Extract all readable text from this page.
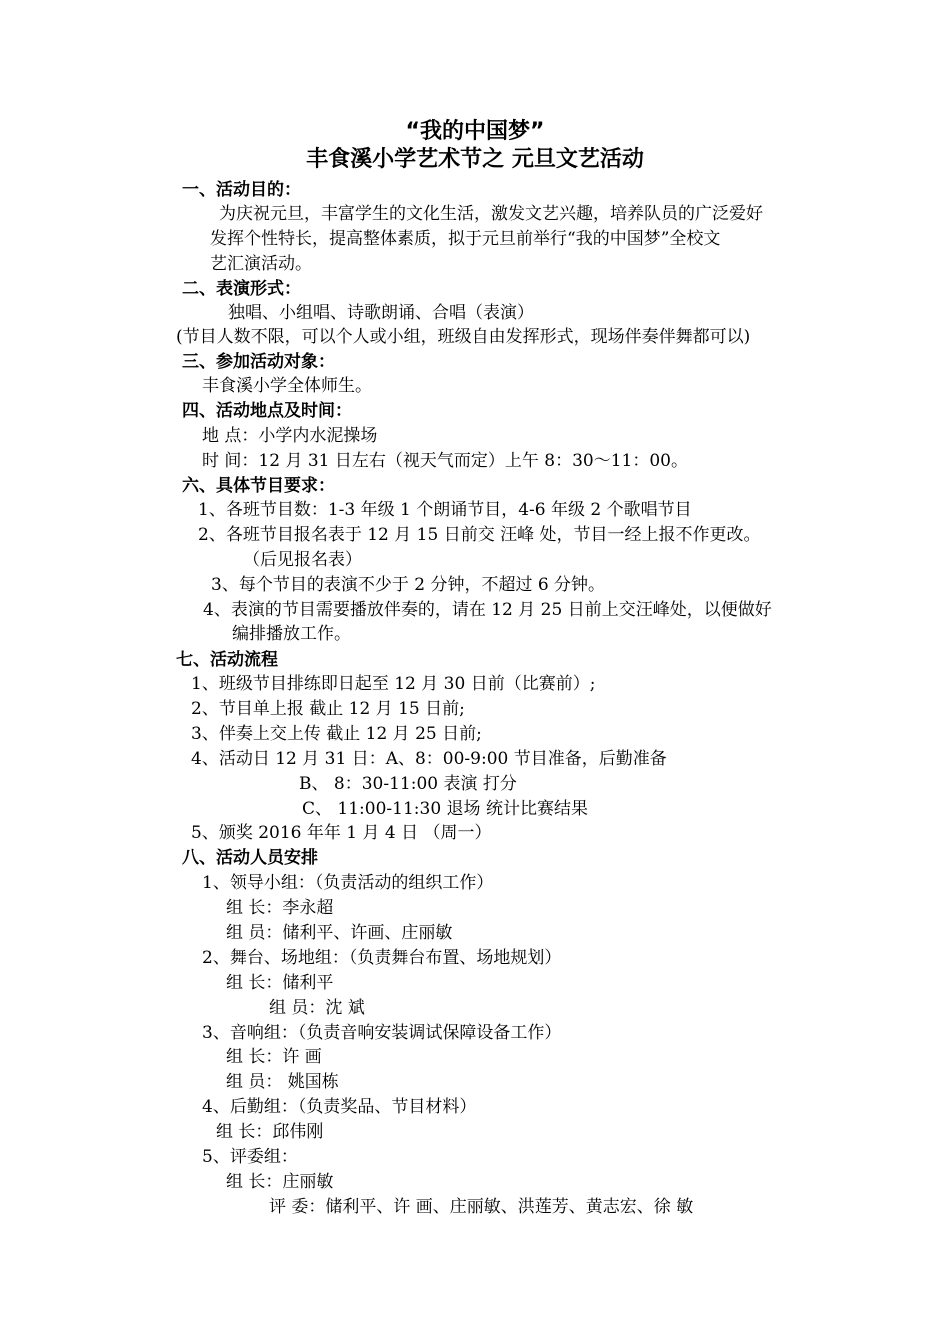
“我的中国梦”
丰食溪小学艺术节之 元旦文艺活动
一、活动目的：
为庆祝元旦，丰富学生的文化生活，激发文艺兴趣，培养队员的广泛爱好
发挥个性特长，提高整体素质，拟于元旦前举行“我的中国梦”全校文
艺汇演活动。
二、表演形式：
独唱、小组唱、诗歌朗诵、合唱（表演）
(节目人数不限，可以个人或小组，班级自由发挥形式，现场伴奏伴舞都可以)
三、参加活动对象：
丰食溪小学全体师生。
四、活动地点及时间：
地 点：小学内水泥操场
时 间：12 月 31 日左右（视天气而定）上午 8：30～11：00。
六、具体节目要求：
1、各班节目数：1-3 年级 1 个朗诵节目，4-6 年级 2 个歌唱节目
2、各班节目报名表于 12 月 15 日前交 汪峰 处，节目一经上报不作更改。
（后见报名表）
3、每个节目的表演不少于 2 分钟，不超过 6 分钟。
4、表演的节目需要播放伴奏的，请在 12 月 25 日前上交汪峰处，以便做好
编排播放工作。
七、活动流程
1、班级节目排练即日起至 12 月 30 日前（比赛前）;
2、节目单上报 截止 12 月 15 日前;
3、伴奏上交上传 截止 12 月 25 日前;
4、活动日 12 月 31 日：A、8：00-9:00 节目准备，后勤准备
B、 8：30-11:00 表演 打分
C、 11:00-11:30 退场 统计比赛结果
5、颁奖 2016 年年 1 月 4 日 （周一）
八、活动人员安排
1、领导小组：（负责活动的组织工作）
组 长：李永超
组 员：储利平、许画、庄丽敏
2、舞台、场地组：（负责舞台布置、场地规划）
组 长：储利平
组 员：沈 斌
3、音响组：（负责音响安装调试保障设备工作）
组 长：许 画
组 员： 姚国栋
4、后勤组：（负责奖品、节目材料）
组 长：邱伟刚
5、评委组：
组 长：庄丽敏
评 委：储利平、许 画、庄丽敏、洪莲芳、黄志宏、徐 敏
